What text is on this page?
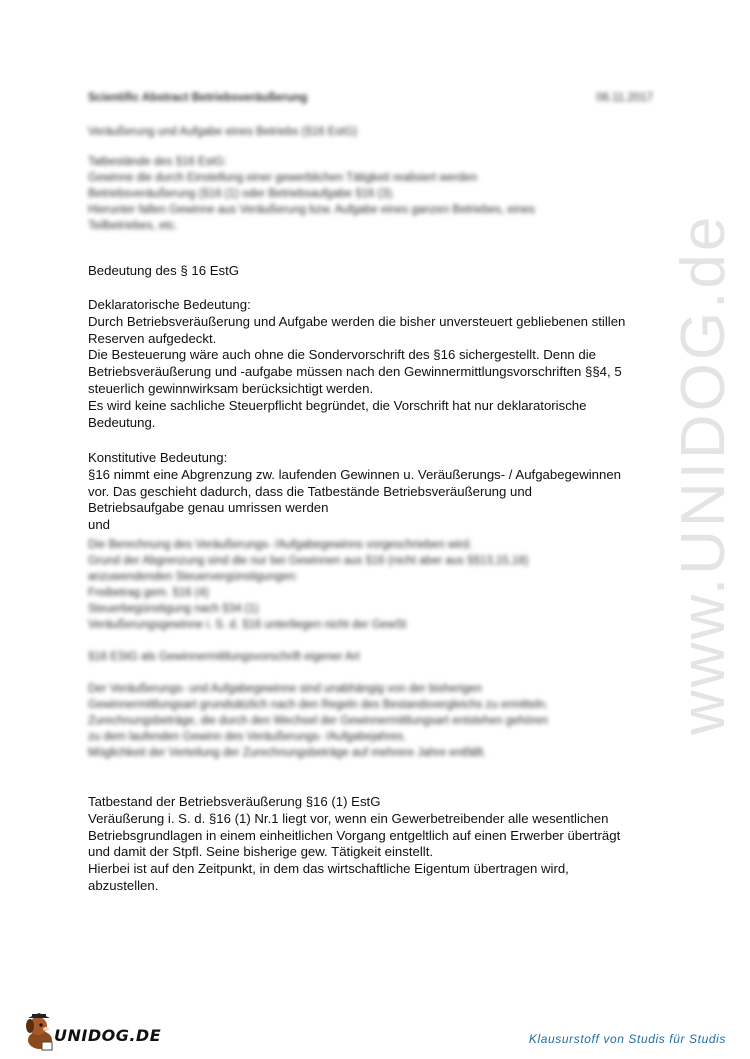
Scientific Abstract Betriebsveräußerung	06.11.2017

Veräußerung und Aufgabe eines Betriebs (§16 EstG)

Tatbestände des §16 EstG:

Gewinne die durch Einstellung einer gewerblichen Tätigkeit realisiert werden

Betriebsveräußerung (§16 (1) oder Betriebsaufgabe §16 (3).

Hierunter fallen Gewinne aus Veräußerung bzw. Aufgabe eines ganzen Betriebes, eines

Teilbetriebes, etc.

Bedeutung des § 16 EstG

Deklaratorische Bedeutung:

Durch Betriebsveräußerung und Aufgabe werden die bisher unversteuert gebliebenen stillen

Reserven aufgedeckt.

Die Besteuerung wäre auch ohne die Sondervorschrift des §16 sichergestellt. Denn die

Betriebsveräußerung und -aufgabe müssen nach den Gewinnermittlungsvorschriften §§4, 5

steuerlich gewinnwirksam berücksichtigt werden.

Es wird keine sachliche Steuerpflicht begründet, die Vorschrift hat nur deklaratorische

Bedeutung.

Konstitutive Bedeutung:

§16 nimmt eine Abgrenzung zw. laufenden Gewinnen u. Veräußerungs- / Aufgabegewinnen

vor. Das geschieht dadurch, dass die Tatbestände Betriebsveräußerung und

Betriebsaufgabe genau umrissen werden

und

Die Berechnung des Veräußerungs- /Aufgabegewinns vorgeschrieben wird.

Grund der Abgrenzung sind die nur bei Gewinnen aus §16 (nicht aber aus §§13,15,18)

anzuwendenden Steuervergünstigungen:

Freibetrag gem. §16 (4)

Steuerbegünstigung nach §34 (1)

Veräußerungsgewinne i. S. d. §16 unterliegen nicht der GewSt

§16 EStG als Gewinnermittlungsvorschrift eigener Art

Der Veräußerungs- und Aufgabegewinne sind unabhängig von der bisherigen

Gewinnermittlungsart grundsätzlich nach den Regeln des Bestandsvergleichs zu ermitteln.

Zurechnungsbeträge, die durch den Wechsel der Gewinnermittlungsart entstehen gehören

zu dem laufenden Gewinn des Veräußerungs- /Aufgabejahres.

Möglichkeit der Verteilung der Zurechnungsbeträge auf mehrere Jahre entfällt.

Tatbestand der Betriebsveräußerung §16 (1) EstG

Veräußerung i. S. d. §16 (1) Nr.1 liegt vor, wenn ein Gewerbetreibender alle wesentlichen

Betriebsgrundlagen in einem einheitlichen Vorgang entgeltlich auf einen Erwerber überträgt

und damit der Stpfl. Seine bisherige gew. Tätigkeit einstellt.

Hierbei ist auf den Zeitpunkt, in dem das wirtschaftliche Eigentum übertragen wird,

abzustellen.

www.UNIDOG.de
UNIDOG.DE	Klausurstoff von Studis für Studis
